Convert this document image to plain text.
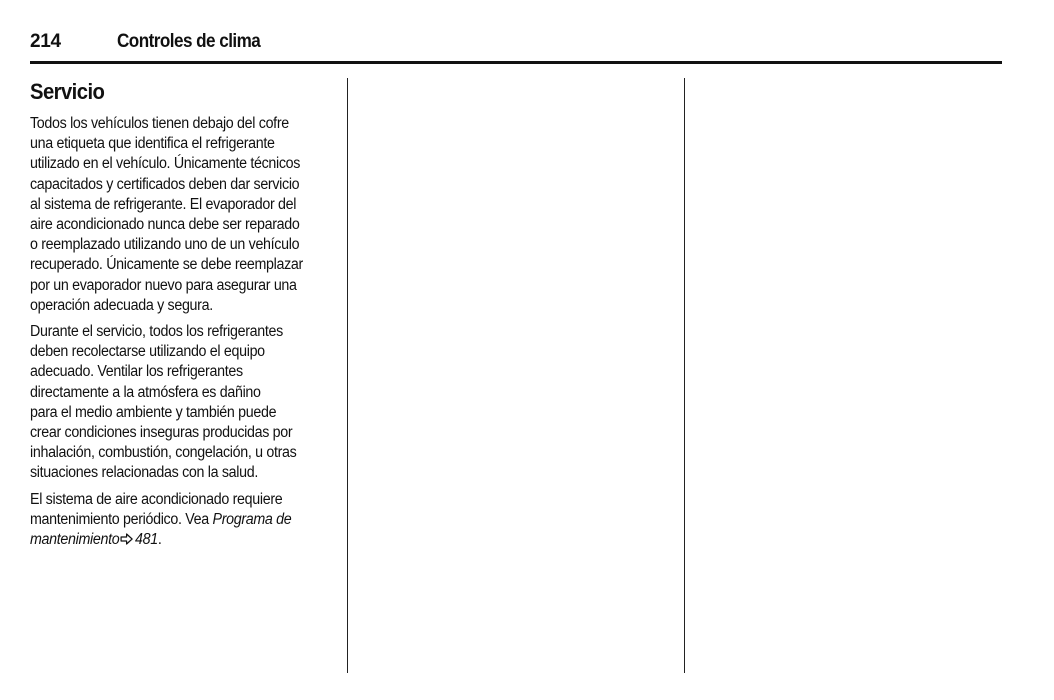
214	Controles de clima
Servicio

Todos los vehículos tienen debajo del cofre
una etiqueta que identifica el refrigerante
utilizado en el vehículo. Únicamente técnicos
capacitados y certificados deben dar servicio
al sistema de refrigerante. El evaporador del
aire acondicionado nunca debe ser reparado
o reemplazado utilizando uno de un vehículo
recuperado. Únicamente se debe reemplazar
por un evaporador nuevo para asegurar una
operación adecuada y segura.

Durante el servicio, todos los refrigerantes
deben recolectarse utilizando el equipo
adecuado. Ventilar los refrigerantes
directamente a la atmósfera es dañino
para el medio ambiente y también puede
crear condiciones inseguras producidas por
inhalación, combustión, congelación, u otras
situaciones relacionadas con la salud.

El sistema de aire acondicionado requiere
mantenimiento periódico. Vea Programa de
mantenimiento 481.
